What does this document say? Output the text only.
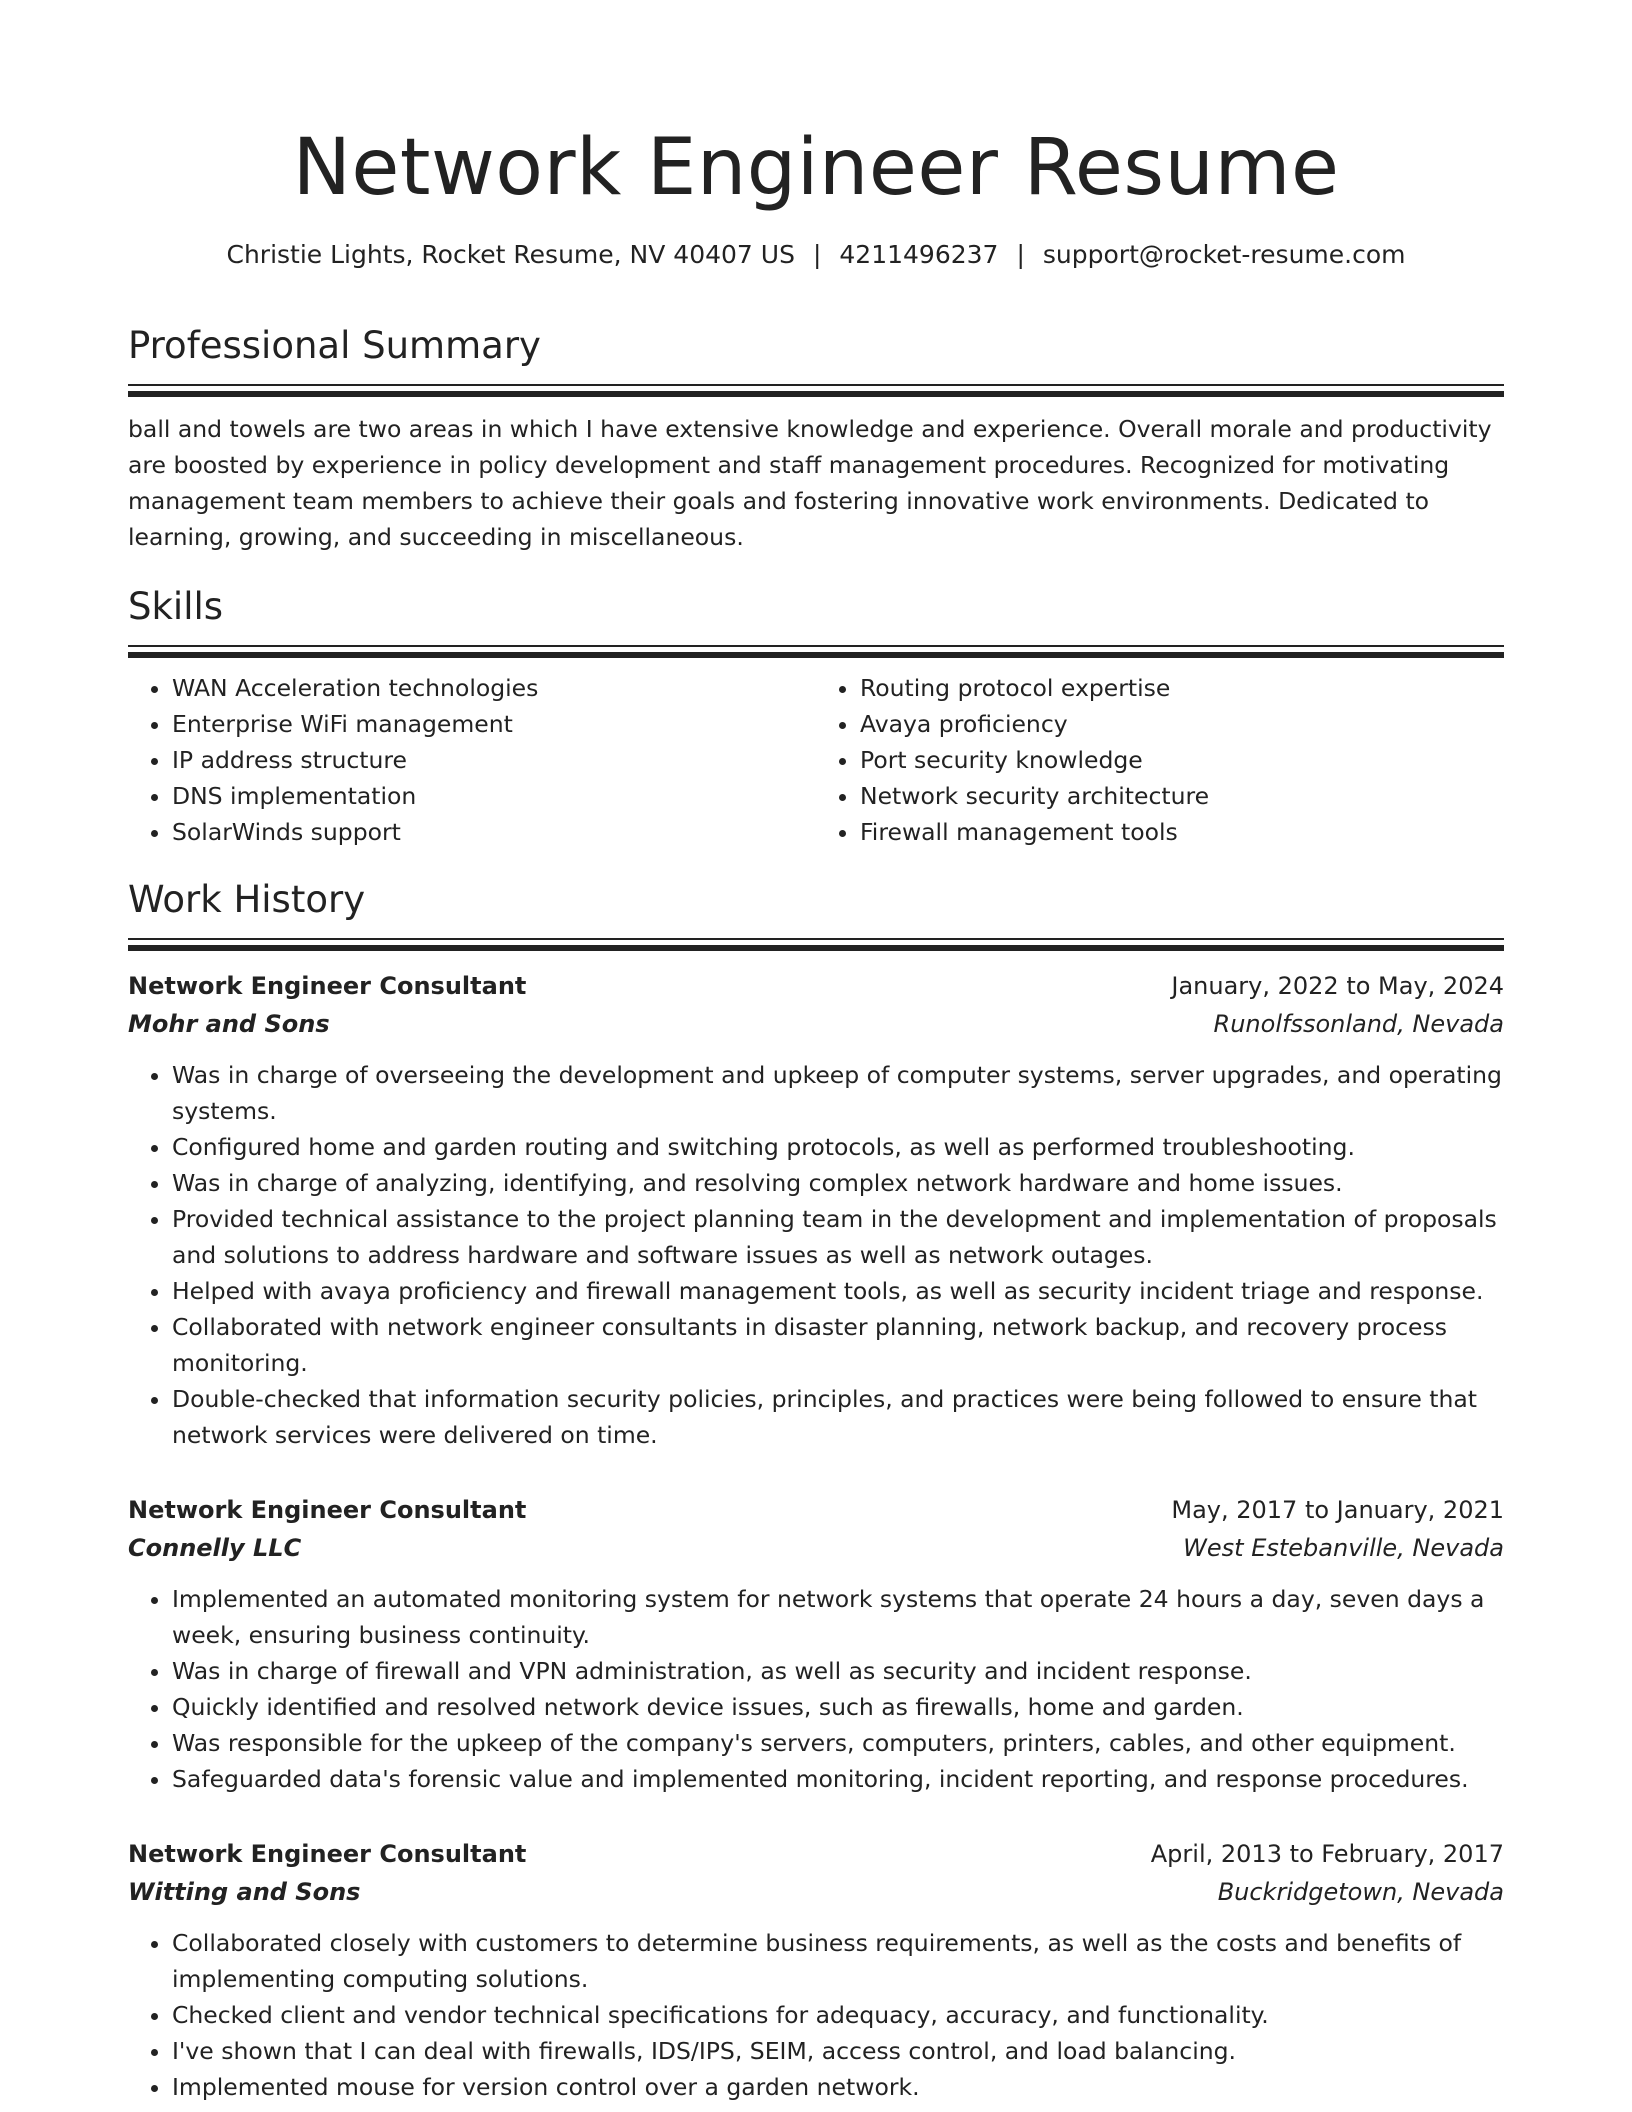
Network Engineer Resume
Christie Lights, Rocket Resume, NV 40407 US | 4211496237 | support@rocket-resume.com
Professional Summary

ball and towels are two areas in which I have extensive knowledge and experience. Overall morale and productivity are boosted by experience in policy development and staff management procedures. Recognized for motivating management team members to achieve their goals and fostering innovative work environments. Dedicated to learning, growing, and succeeding in miscellaneous.

Skills
• WAN Acceleration technologies
• Enterprise WiFi management
• IP address structure
• DNS implementation
• SolarWinds support
• Routing protocol expertise
• Avaya proficiency
• Port security knowledge
• Network security architecture
• Firewall management tools
Work History
Network Engineer Consultant	January, 2022 to May, 2024
Mohr and Sons	Runolfssonland, Nevada
• Was in charge of overseeing the development and upkeep of computer systems, server upgrades, and operating systems.
• Configured home and garden routing and switching protocols, as well as performed troubleshooting.
• Was in charge of analyzing, identifying, and resolving complex network hardware and home issues.
• Provided technical assistance to the project planning team in the development and implementation of proposals and solutions to address hardware and software issues as well as network outages.
• Helped with avaya proficiency and firewall management tools, as well as security incident triage and response.
• Collaborated with network engineer consultants in disaster planning, network backup, and recovery process monitoring.
• Double-checked that information security policies, principles, and practices were being followed to ensure that network services were delivered on time.
Network Engineer Consultant	May, 2017 to January, 2021
Connelly LLC	West Estebanville, Nevada
• Implemented an automated monitoring system for network systems that operate 24 hours a day, seven days a week, ensuring business continuity.
• Was in charge of firewall and VPN administration, as well as security and incident response.
• Quickly identified and resolved network device issues, such as firewalls, home and garden.
• Was responsible for the upkeep of the company's servers, computers, printers, cables, and other equipment.
• Safeguarded data's forensic value and implemented monitoring, incident reporting, and response procedures.
Network Engineer Consultant	April, 2013 to February, 2017
Witting and Sons	Buckridgetown, Nevada
• Collaborated closely with customers to determine business requirements, as well as the costs and benefits of implementing computing solutions.
• Checked client and vendor technical specifications for adequacy, accuracy, and functionality.
• I've shown that I can deal with firewalls, IDS/IPS, SEIM, access control, and load balancing.
• Implemented mouse for version control over a garden network.
